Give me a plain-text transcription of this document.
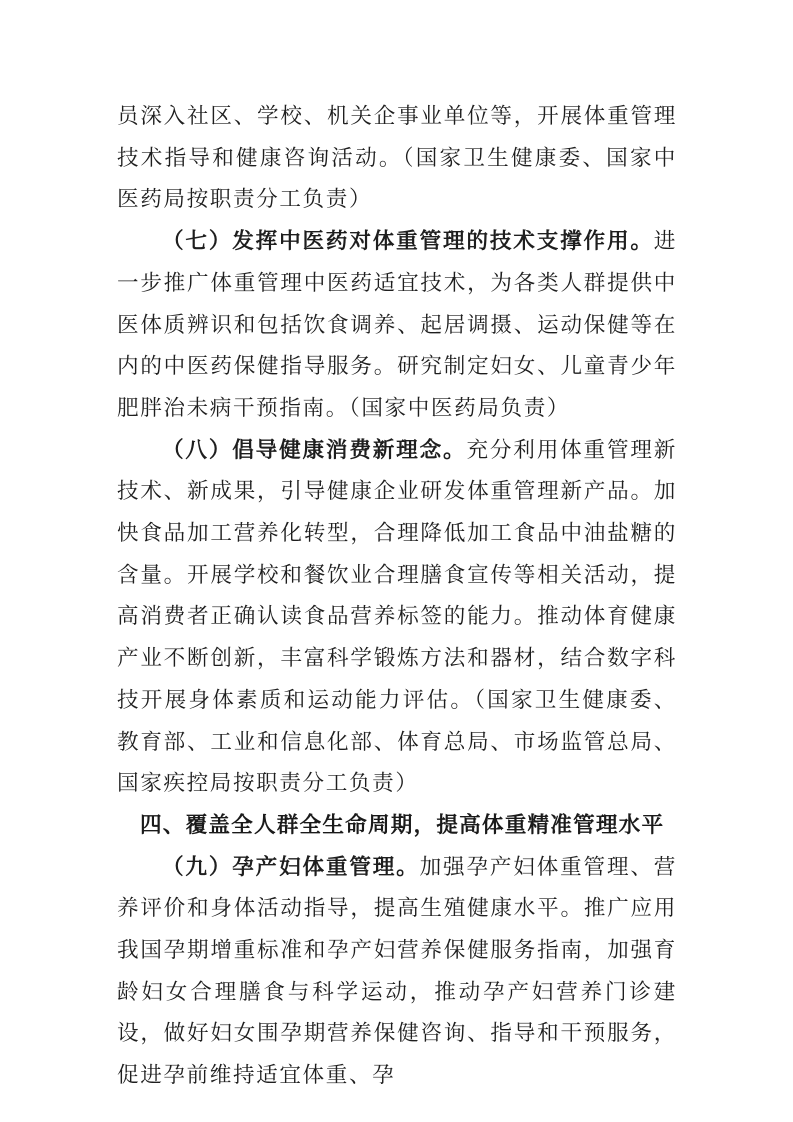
员深入社区、学校、机关企事业单位等，开展体重管理技术指导和健康咨询活动。（国家卫生健康委、国家中医药局按职责分工负责）

（七）发挥中医药对体重管理的技术支撑作用。进一步推广体重管理中医药适宜技术，为各类人群提供中医体质辨识和包括饮食调养、起居调摄、运动保健等在内的中医药保健指导服务。研究制定妇女、儿童青少年肥胖治未病干预指南。（国家中医药局负责）

（八）倡导健康消费新理念。充分利用体重管理新技术、新成果，引导健康企业研发体重管理新产品。加快食品加工营养化转型，合理降低加工食品中油盐糖的含量。开展学校和餐饮业合理膳食宣传等相关活动，提高消费者正确认读食品营养标签的能力。推动体育健康产业不断创新，丰富科学锻炼方法和器材，结合数字科技开展身体素质和运动能力评估。（国家卫生健康委、教育部、工业和信息化部、体育总局、市场监管总局、国家疾控局按职责分工负责）

四、覆盖全人群全生命周期，提高体重精准管理水平

（九）孕产妇体重管理。加强孕产妇体重管理、营养评价和身体活动指导，提高生殖健康水平。推广应用我国孕期增重标准和孕产妇营养保健服务指南，加强育龄妇女合理膳食与科学运动，推动孕产妇营养门诊建设，做好妇女围孕期营养保健咨询、指导和干预服务，促进孕前维持适宜体重、孕
